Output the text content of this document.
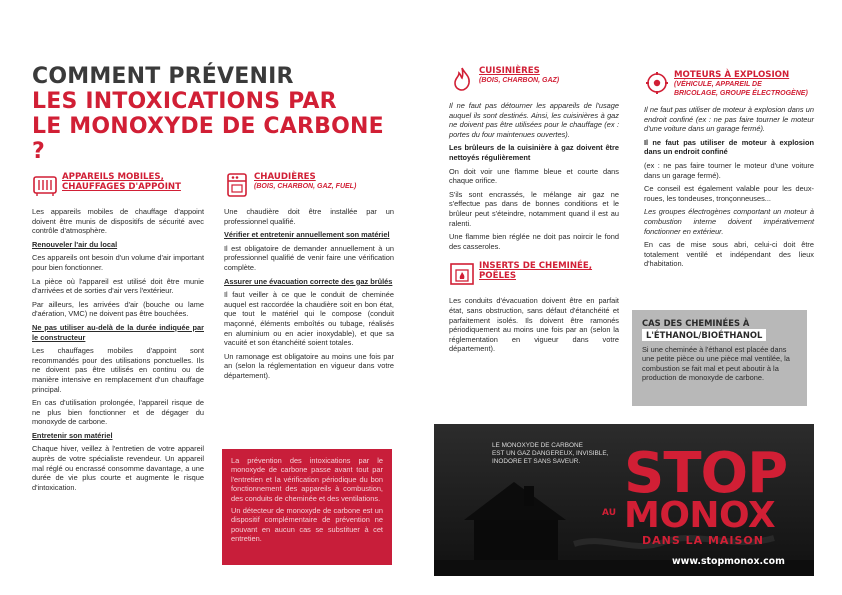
COMMENT PRÉVENIR
LES INTOXICATIONS PAR
LE MONOXYDE DE CARBONE ?
APPAREILS MOBILES,
CHAUFFAGES D'APPOINT

Les appareils mobiles de chauffage d'appoint doivent être munis de dispositifs de sécurité avec contrôle d'atmosphère.

Renouveler l'air du local

Ces appareils ont besoin d'un volume d'air important pour bien fonctionner.

La pièce où l'appareil est utilisé doit être munie d'arrivées et de sorties d'air vers l'extérieur.

Par ailleurs, les arrivées d'air (bouche ou lame d'aération, VMC) ne doivent pas être bouchées.

Ne pas utiliser au-delà de la durée indiquée par le constructeur

Les chauffages mobiles d'appoint sont recommandés pour des utilisations ponctuelles. Ils ne doivent pas être utilisés en continu ou de manière intensive en remplacement d'un chauffage principal.

En cas d'utilisation prolongée, l'appareil risque de ne plus bien fonctionner et de dégager du monoxyde de carbone.

Entretenir son matériel

Chaque hiver, veillez à l'entretien de votre appareil auprès de votre spécialiste revendeur. Un appareil mal réglé ou encrassé consomme davantage, a une durée de vie plus courte et augmente le risque d'intoxication.

CHAUDIÈRES
(BOIS, CHARBON, GAZ, FUEL)

Une chaudière doit être installée par un professionnel qualifié.

Vérifier et entretenir annuellement son matériel

Il est obligatoire de demander annuellement à un professionnel qualifié de venir faire une vérification complète.

Assurer une évacuation correcte des gaz brûlés

Il faut veiller à ce que le conduit de cheminée auquel est raccordée la chaudière soit en bon état, que tout le matériel qui le compose (conduit maçonné, éléments emboîtés ou tubage, réalisés en aluminium ou en acier inoxydable), et que sa vacuité et son étanchéité soient totales.

Un ramonage est obligatoire au moins une fois par an (selon la réglementation en vigueur dans votre département).

La prévention des intoxications par le monoxyde de carbone passe avant tout par l'entretien et la vérification périodique du bon fonctionnement des appareils à combustion, des conduits de cheminée et des ventilations.

Un détecteur de monoxyde de carbone est un dispositif complémentaire de prévention ne pouvant en aucun cas se substituer à cet entretien.

CUISINIÈRES
(BOIS, CHARBON, GAZ)

Il ne faut pas détourner les appareils de l'usage auquel ils sont destinés. Ainsi, les cuisinières à gaz ne doivent pas être utilisées pour le chauffage (ex : portes du four maintenues ouvertes).

Les brûleurs de la cuisinière à gaz doivent être nettoyés régulièrement

On doit voir une flamme bleue et courte dans chaque orifice.

S'ils sont encrassés, le mélange air gaz ne s'effectue pas dans de bonnes conditions et le brûleur peut s'éteindre, notamment quand il est au ralenti.

Une flamme bien réglée ne doit pas noircir le fond des casseroles.

INSERTS DE CHEMINÉE,
POÊLES

Les conduits d'évacuation doivent être en parfait état, sans obstruction, sans défaut d'étanchéité et parfaitement isolés. Ils doivent être ramonés périodiquement au moins une fois par an (selon la réglementation en vigueur dans votre département).

MOTEURS À EXPLOSION
(VÉHICULE, APPAREIL DE
BRICOLAGE, GROUPE ÉLECTROGÈNE)

Il ne faut pas utiliser de moteur à explosion dans un endroit confiné (ex : ne pas faire tourner le moteur d'une voiture dans un garage fermé).

Il ne faut pas utiliser de moteur à explosion dans un endroit confiné

(ex : ne pas faire tourner le moteur d'une voiture dans un garage fermé).

Ce conseil est également valable pour les deux-roues, les tondeuses, tronçonneuses...

Les groupes électrogènes comportant un moteur à combustion interne doivent impérativement fonctionner en extérieur.

En cas de mise sous abri, celui-ci doit être totalement ventilé et indépendant des lieux d'habitation.

CAS DES CHEMINÉES À
L'ÉTHANOL/BIOÉTHANOL

Si une cheminée à l'éthanol est placée dans une petite pièce ou une pièce mal ventilée, la combustion se fait mal et peut aboutir à la production de monoxyde de carbone.

LE MONOXYDE DE CARBONE
EST UN GAZ DANGEREUX, INVISIBLE,
INODORE ET SANS SAVEUR. STOP
AU MONOX
DANS LA MAISON
www.stopmonox.com
